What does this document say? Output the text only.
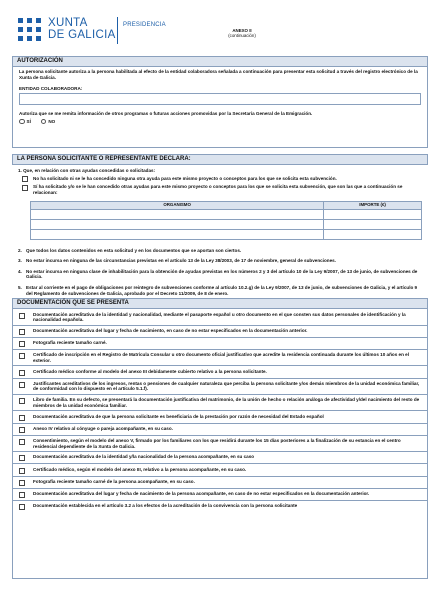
XUNTA
DE GALICIA
PRESIDENCIA
ANEXO II
(continuación)
AUTORIZACIÓN
La persona solicitante autoriza a la persona habilitada al efecto de la entidad colaboradora señalada a continuación para presentar esta solicitud a través del registro electrónico de la Xunta de Galicia.
ENTIDAD COLABORADORA:
Autoriza que se me remita información de otros programas o futuras acciones promovidas por la Secretaría General de la Emigración.
SÍ	NO
LA PERSONA SOLICITANTE O REPRESENTANTE DECLARA:
1. Que, en relación con otras ayudas concedidas o solicitadas:
No ha solicitado ni se le ha concedido ninguna otra ayuda para este mismo proyecto o conceptos para los que se solicita esta subvención.
Sí ha solicitado y/o se le han concedido otras ayudas para este mismo proyecto o conceptos para los que se solicita esta subvención, que son las que a continuación se relacionan:
ORGANISMO	IMPORTE (€)

2. Que todos los datos contenidos en esta solicitud y en los documentos que se aportan son ciertos.
3. No estar incursa en ninguna de las circunstancias previstas en el artículo 13 de la Ley 38/2003, de 17 de noviembre, general de subvenciones.
4. No estar incursa en ninguna clase de inhabilitación para la obtención de ayudas previstas en los números 2 y 3 del artículo 10 de la Ley 9/2007, de 13 de junio, de subvenciones de Galicia.
5. Estar al corriente en el pago de obligaciones por reintegro de subvenciones conforme al artículo 10.2.g) de la Ley 9/2007, de 13 de junio, de subvenciones de Galicia, y el artículo 9 del Reglamento de subvenciones de Galicia, aprobado por el Decreto 11/2009, de 8 de enero.
DOCUMENTACIÓN QUE SE PRESENTA
Documentación acreditativa de la identidad y nacionalidad, mediante el pasaporte español u otro documento en el que consten sus datos personales de identificación y la nacionalidad española.
Documentación acreditativa del lugar y fecha de nacimiento, en caso de no estar especificados en la documentación anterior.
Fotografía reciente tamaño carné.
Certificado de inscripción en el Registro de Matrícula Consular u otro documento oficial justificativo que acredite la residencia continuada durante los últimos 10 años en el exterior.
Certificado médico conforme al modelo del anexo III debidamente cubierto relativo a la persona solicitante.
Justificantes acreditativos de los ingresos, rentas o pensiones de cualquier naturaleza que perciba la persona solicitante y/os demás miembros de la unidad económica familiar, de conformidad con lo dispuesto en el artículo 5.1.f).
Libro de familia. En su defecto, se presentará la documentación justificativa del matrimonio, de la unión de hecho o relación análoga de afectividad y/del nacimiento del resto de miembros de la unidad económica familiar.
Documentación acreditativa de que la persona solicitante es beneficiaria de la prestación por razón de necesidad del Estado español
Anexo IV relativo al cónyuge o pareja acompañante, en su caso.
Consentimiento, según el modelo del anexo V, firmado por los familiares con los que residirá durante los 15 días posteriores a la finalización de su estancia en el centro residencial dependiente de la Xunta de Galicia.
Documentación acreditativa de la identidad y/la nacionalidad de la persona acompañante, en su caso
Certificado médico, según el modelo del anexo III, relativo a la persona acompañante, en su caso.
Fotografía reciente tamaño carné de la persona acompañante, en su caso.
Documentación acreditativa del lugar y fecha de nacimiento de la persona acompañante, en caso de no estar especificados en la documentación anterior.
Documentación establecida en el artículo 3.2 a los efectos de la acreditación de la convivencia con la persona solicitante
